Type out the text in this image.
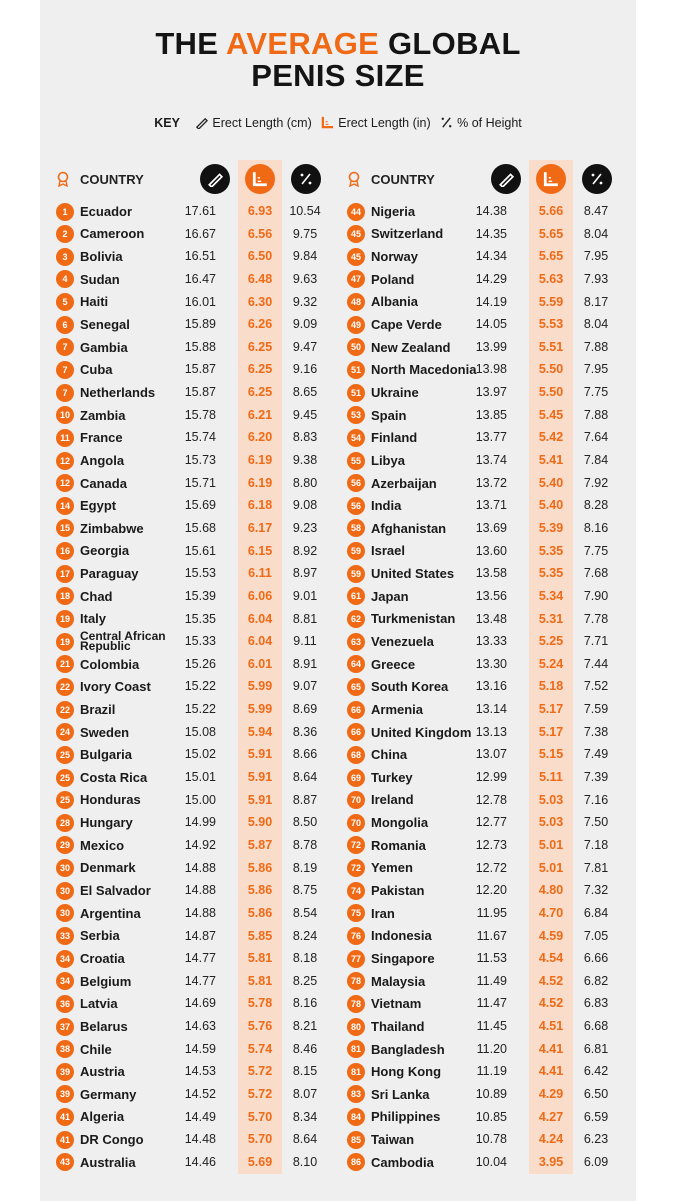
THE AVERAGE GLOBAL
PENIS SIZE
KEY	Erect Length (cm) Erect Length (in) % of Height
COUNTRY
1 Ecuador	17.61	6.93	10.54
2 Cameroon	16.67	6.56	9.75
3 Bolivia	16.51	6.50	9.84
4 Sudan	16.47	6.48	9.63
5 Haiti	16.01	6.30	9.32
6 Senegal	15.89	6.26	9.09
7 Gambia	15.88	6.25	9.47
7 Cuba	15.87	6.25	9.16
7 Netherlands	15.87	6.25	8.65
10 Zambia	15.78	6.21	9.45
11 France	15.74	6.20	8.83
12 Angola	15.73	6.19	9.38
12 Canada	15.71	6.19	8.80
14 Egypt	15.69	6.18	9.08
15 Zimbabwe	15.68	6.17	9.23
16 Georgia	15.61	6.15	8.92
17 Paraguay	15.53	6.11	8.97
18 Chad	15.39	6.06	9.01
19 Italy	15.35	6.04	8.81
19 Central African Republic	15.33	6.04	9.11
21 Colombia	15.26	6.01	8.91
22 Ivory Coast	15.22	5.99	9.07
22 Brazil	15.22	5.99	8.69
24 Sweden	15.08	5.94	8.36
25 Bulgaria	15.02	5.91	8.66
25 Costa Rica	15.01	5.91	8.64
25 Honduras	15.00	5.91	8.87
28 Hungary	14.99	5.90	8.50
29 Mexico	14.92	5.87	8.78
30 Denmark	14.88	5.86	8.19
30 El Salvador	14.88	5.86	8.75
30 Argentina	14.88	5.86	8.54
33 Serbia	14.87	5.85	8.24
34 Croatia	14.77	5.81	8.18
34 Belgium	14.77	5.81	8.25
36 Latvia	14.69	5.78	8.16
37 Belarus	14.63	5.76	8.21
38 Chile	14.59	5.74	8.46
39 Austria	14.53	5.72	8.15
39 Germany	14.52	5.72	8.07
41 Algeria	14.49	5.70	8.34
41 DR Congo	14.48	5.70	8.64
43 Australia	14.46	5.69	8.10
COUNTRY
44 Nigeria	14.38	5.66	8.47
45 Switzerland	14.35	5.65	8.04
45 Norway	14.34	5.65	7.95
47 Poland	14.29	5.63	7.93
48 Albania	14.19	5.59	8.17
49 Cape Verde	14.05	5.53	8.04
50 New Zealand	13.99	5.51	7.88
51 North Macedonia 13.98	5.50	7.95
51 Ukraine	13.97	5.50	7.75
53 Spain	13.85	5.45	7.88
54 Finland	13.77	5.42	7.64
55 Libya	13.74	5.41	7.84
56 Azerbaijan	13.72	5.40	7.92
56 India	13.71	5.40	8.28
58 Afghanistan	13.69	5.39	8.16
59 Israel	13.60	5.35	7.75
59 United States	13.58	5.35	7.68
61 Japan	13.56	5.34	7.90
62 Turkmenistan	13.48	5.31	7.78
63 Venezuela	13.33	5.25	7.71
64 Greece	13.30	5.24	7.44
65 South Korea	13.16	5.18	7.52
66 Armenia	13.14	5.17	7.59
66 United Kingdom 13.13	5.17	7.38
68 China	13.07	5.15	7.49
69 Turkey	12.99	5.11	7.39
70 Ireland	12.78	5.03	7.16
70 Mongolia	12.77	5.03	7.50
72 Romania	12.73	5.01	7.18
72 Yemen	12.72	5.01	7.81
74 Pakistan	12.20	4.80	7.32
75 Iran	11.95	4.70	6.84
76 Indonesia	11.67	4.59	7.05
77 Singapore	11.53	4.54	6.66
78 Malaysia	11.49	4.52	6.82
78 Vietnam	11.47	4.52	6.83
80 Thailand	11.45	4.51	6.68
81 Bangladesh	11.20	4.41	6.81
81 Hong Kong	11.19	4.41	6.42
83 Sri Lanka	10.89	4.29	6.50
84 Philippines	10.85	4.27	6.59
85 Taiwan	10.78	4.24	6.23
86 Cambodia	10.04	3.95	6.09
